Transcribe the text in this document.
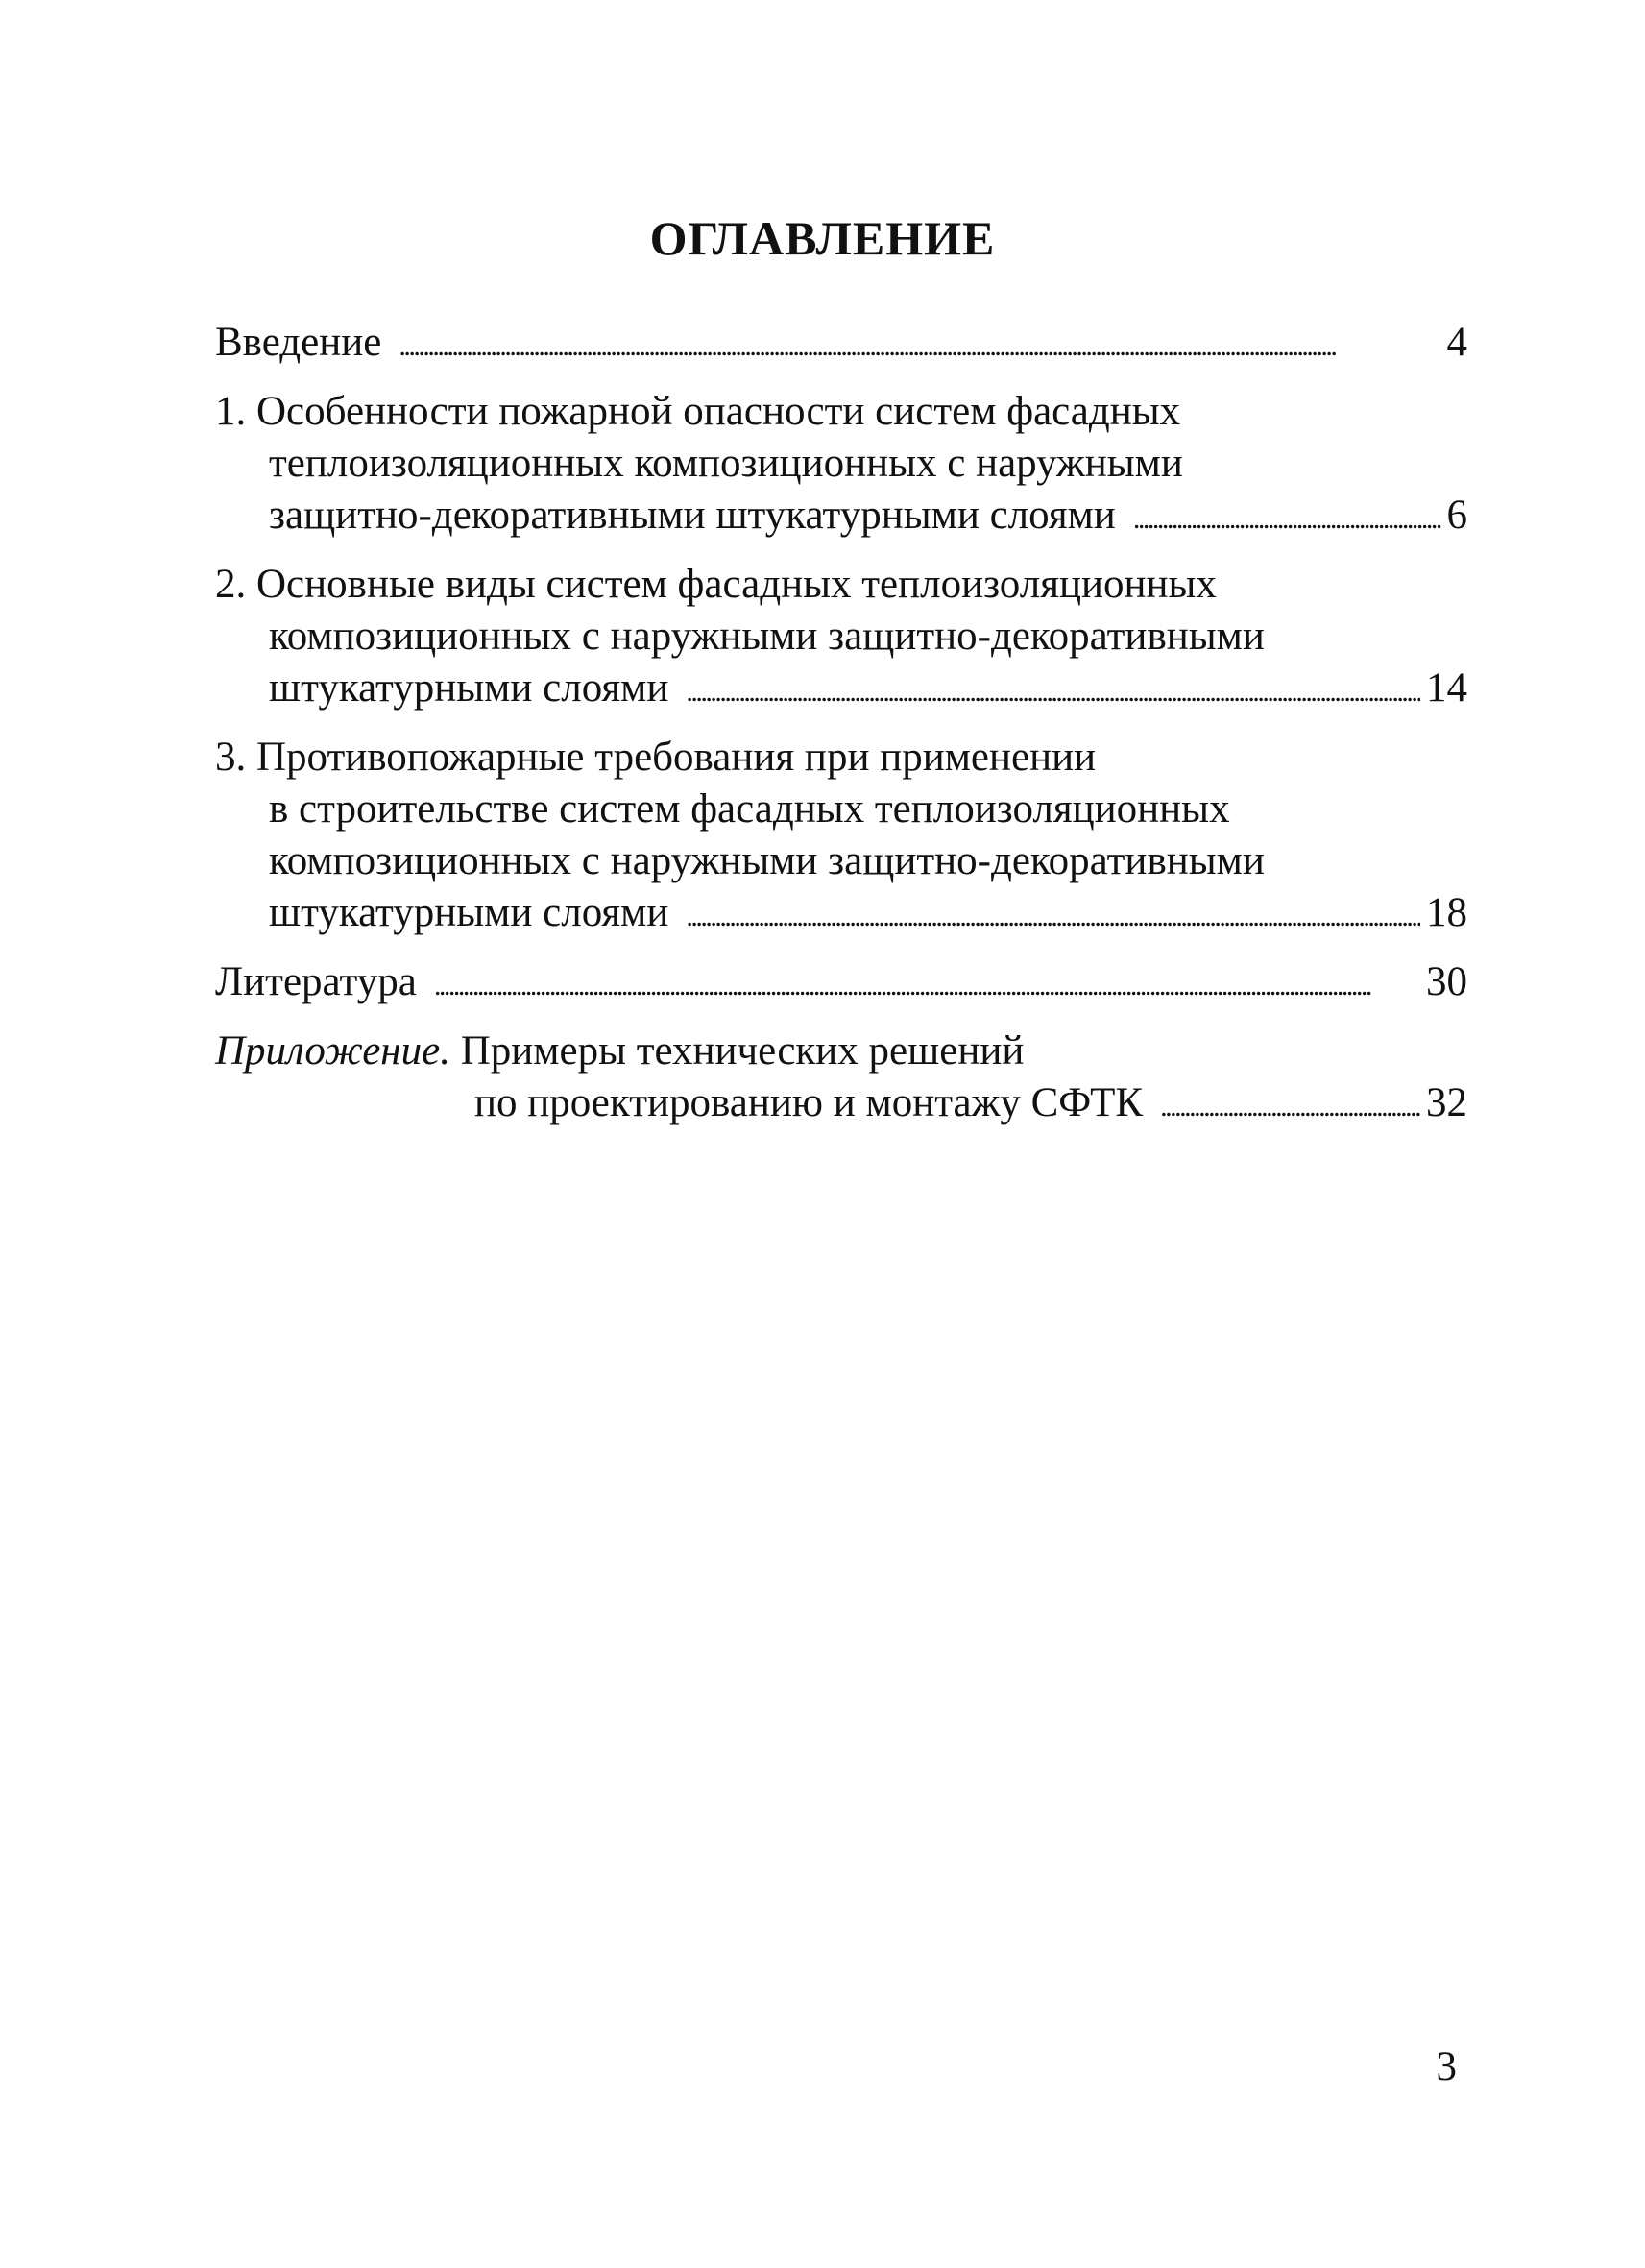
ОГЛАВЛЕНИЕ
Введение . . .	4
1. Особенности пожарной опасности систем фасадных
теплоизоляционных композиционных с наружными
защитно-декоративными штукатурными слоями . . .	6
2. Основные виды систем фасадных теплоизоляционных
композиционных с наружными защитно-декоративными
штукатурными слоями . . .	14
3. Противопожарные требования при применении
в строительстве систем фасадных теплоизоляционных
композиционных с наружными защитно-декоративными
штукатурными слоями . . .	18
Литература . . .	30
Приложение. Примеры технических решений
по проектированию и монтажу СФТК . . .	32
3
